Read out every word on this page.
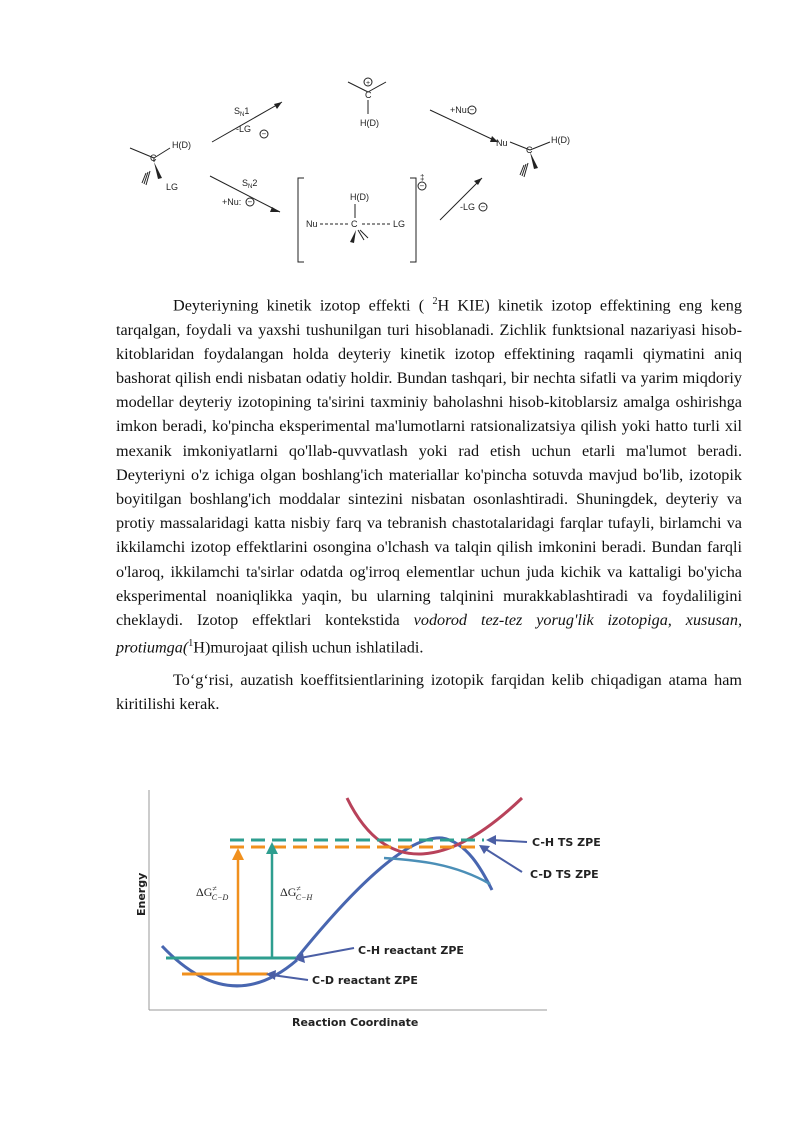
C
H(D)
LG
C
+
H(D)
C
H(D)
Nu
H(D)
C
Nu	LG
‡
$S_N1$
-LG
$S_N2$
+Nu:
+Nu:
-LG
−
−
−
−
−

Deyteriyning kinetik izotop effekti ( $^2$H KIE) kinetik izotop effektining eng keng tarqalgan, foydali va yaxshi tushunilgan turi hisoblanadi. Zichlik funktsional nazariyasi hisob-kitoblaridan foydalangan holda deyteriy kinetik izotop effektining raqamli qiymatini aniq bashorat qilish endi nisbatan odatiy holdir. Bundan tashqari, bir nechta sifatli va yarim miqdoriy modellar deyteriy izotopining ta'sirini taxminiy baholashni hisob-kitoblarsiz amalga oshirishga imkon beradi, ko'pincha eksperimental ma'lumotlarni ratsionalizatsiya qilish yoki hatto turli xil mexanik imkoniyatlarni qo'llab-quvvatlash yoki rad etish uchun etarli ma'lumot beradi. Deyteriyni o'z ichiga olgan boshlang'ich materiallar ko'pincha sotuvda mavjud bo'lib, izotopik boyitilgan boshlang'ich moddalar sintezini nisbatan osonlashtiradi. Shuningdek, deyteriy va protiy massalaridagi katta nisbiy farq va tebranish chastotalaridagi farqlar tufayli, birlamchi va ikkilamchi izotop effektlarini osongina o'lchash va talqin qilish imkonini beradi. Bundan farqli o'laroq, ikkilamchi ta'sirlar odatda og'irroq elementlar uchun juda kichik va kattaligi bo'yicha eksperimental noaniqlikka yaqin, bu ularning talqinini murakkablashtiradi va foydaliligini cheklaydi. Izotop effektlari kontekstida vodorod tez-tez yorug'lik izotopiga, xususan, protiumga($^1$H)murojaat qilish uchun ishlatiladi.

To‘g‘risi, auzatish koeffitsientlarining izotopik farqidan kelib chiqadigan atama ham kiritilishi kerak.

C-H TS ZPE
C-D TS ZPE
C-H reactant ZPE
C-D reactant ZPE
Reaction Coordinate
Energy	ΔG≠ C−D	ΔG≠ C−H
